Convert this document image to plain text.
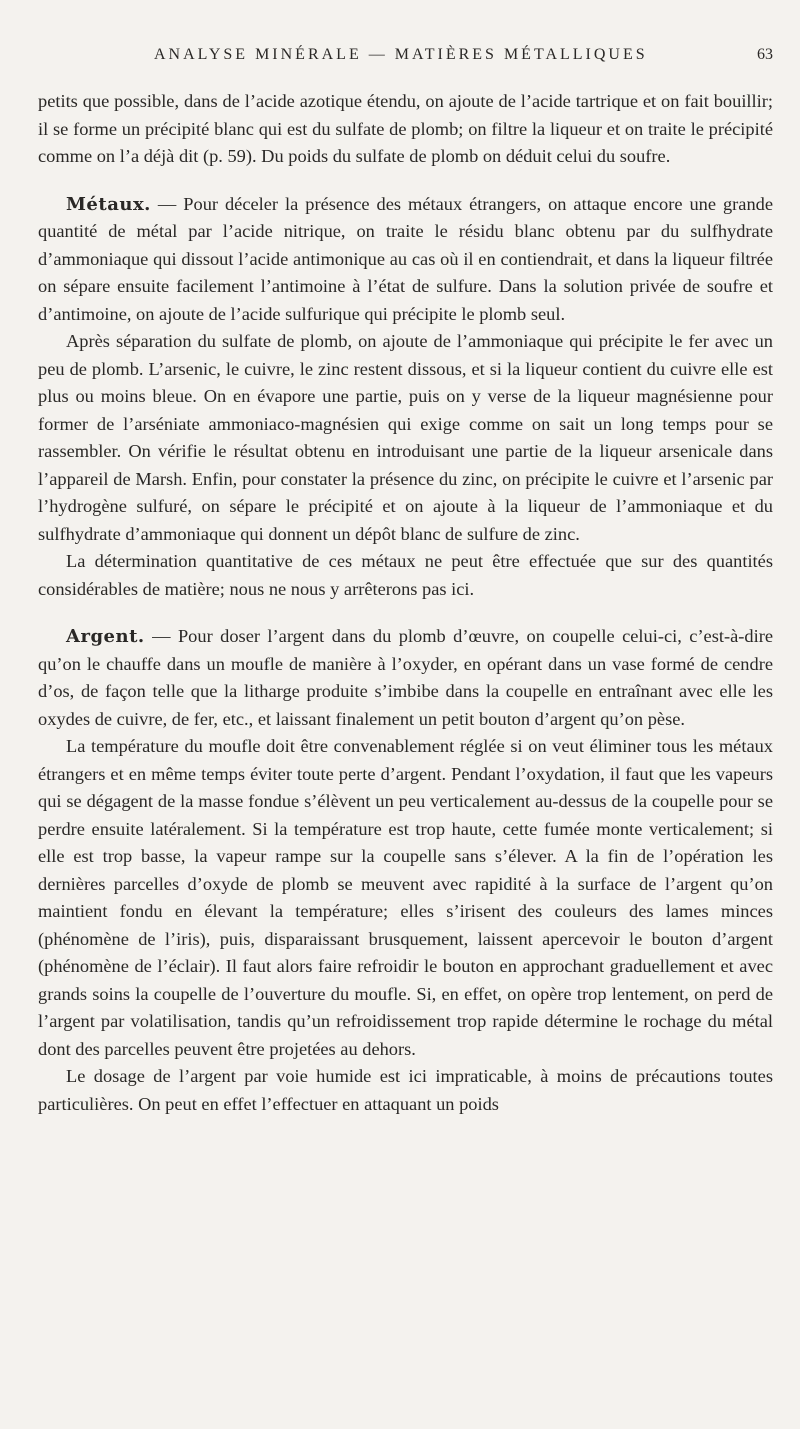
ANALYSE MINÉRALE — MATIÈRES MÉTALLIQUES	63

petits que possible, dans de l’acide azotique étendu, on ajoute de l’acide tartrique et on fait bouillir; il se forme un précipité blanc qui est du sulfate de plomb; on filtre la liqueur et on traite le précipité comme on l’a déjà dit (p. 59). Du poids du sulfate de plomb on déduit celui du soufre.

Métaux. — Pour déceler la présence des métaux étrangers, on attaque encore une grande quantité de métal par l’acide nitrique, on traite le résidu blanc obtenu par du sulfhydrate d’ammoniaque qui dissout l’acide antimonique au cas où il en contiendrait, et dans la liqueur filtrée on sépare ensuite facilement l’antimoine à l’état de sulfure. Dans la solution privée de soufre et d’antimoine, on ajoute de l’acide sulfurique qui précipite le plomb seul.

Après séparation du sulfate de plomb, on ajoute de l’ammoniaque qui précipite le fer avec un peu de plomb. L’arsenic, le cuivre, le zinc restent dissous, et si la liqueur contient du cuivre elle est plus ou moins bleue. On en évapore une partie, puis on y verse de la liqueur magnésienne pour former de l’arséniate ammoniaco-magnésien qui exige comme on sait un long temps pour se rassembler. On vérifie le résultat obtenu en introduisant une partie de la liqueur arsenicale dans l’appareil de Marsh. Enfin, pour constater la présence du zinc, on précipite le cuivre et l’arsenic par l’hydrogène sulfuré, on sépare le précipité et on ajoute à la liqueur de l’ammoniaque et du sulfhydrate d’ammoniaque qui donnent un dépôt blanc de sulfure de zinc.

La détermination quantitative de ces métaux ne peut être effectuée que sur des quantités considérables de matière; nous ne nous y arrêterons pas ici.

Argent. — Pour doser l’argent dans du plomb d’œuvre, on coupelle celui-ci, c’est-à-dire qu’on le chauffe dans un moufle de manière à l’oxyder, en opérant dans un vase formé de cendre d’os, de façon telle que la litharge produite s’imbibe dans la coupelle en entraînant avec elle les oxydes de cuivre, de fer, etc., et laissant finalement un petit bouton d’argent qu’on pèse.

La température du moufle doit être convenablement réglée si on veut éliminer tous les métaux étrangers et en même temps éviter toute perte d’argent. Pendant l’oxydation, il faut que les vapeurs qui se dégagent de la masse fondue s’élèvent un peu verticalement au-dessus de la coupelle pour se perdre ensuite latéralement. Si la température est trop haute, cette fumée monte verticalement; si elle est trop basse, la vapeur rampe sur la coupelle sans s’élever. A la fin de l’opération les dernières parcelles d’oxyde de plomb se meuvent avec rapidité à la surface de l’argent qu’on maintient fondu en élevant la température; elles s’irisent des couleurs des lames minces (phénomène de l’iris), puis, disparaissant brusquement, laissent apercevoir le bouton d’argent (phénomène de l’éclair). Il faut alors faire refroidir le bouton en approchant graduellement et avec grands soins la coupelle de l’ouverture du moufle. Si, en effet, on opère trop lentement, on perd de l’argent par volatilisation, tandis qu’un refroidissement trop rapide détermine le rochage du métal dont des parcelles peuvent être projetées au dehors.

Le dosage de l’argent par voie humide est ici impraticable, à moins de précautions toutes particulières. On peut en effet l’effectuer en attaquant un poids
